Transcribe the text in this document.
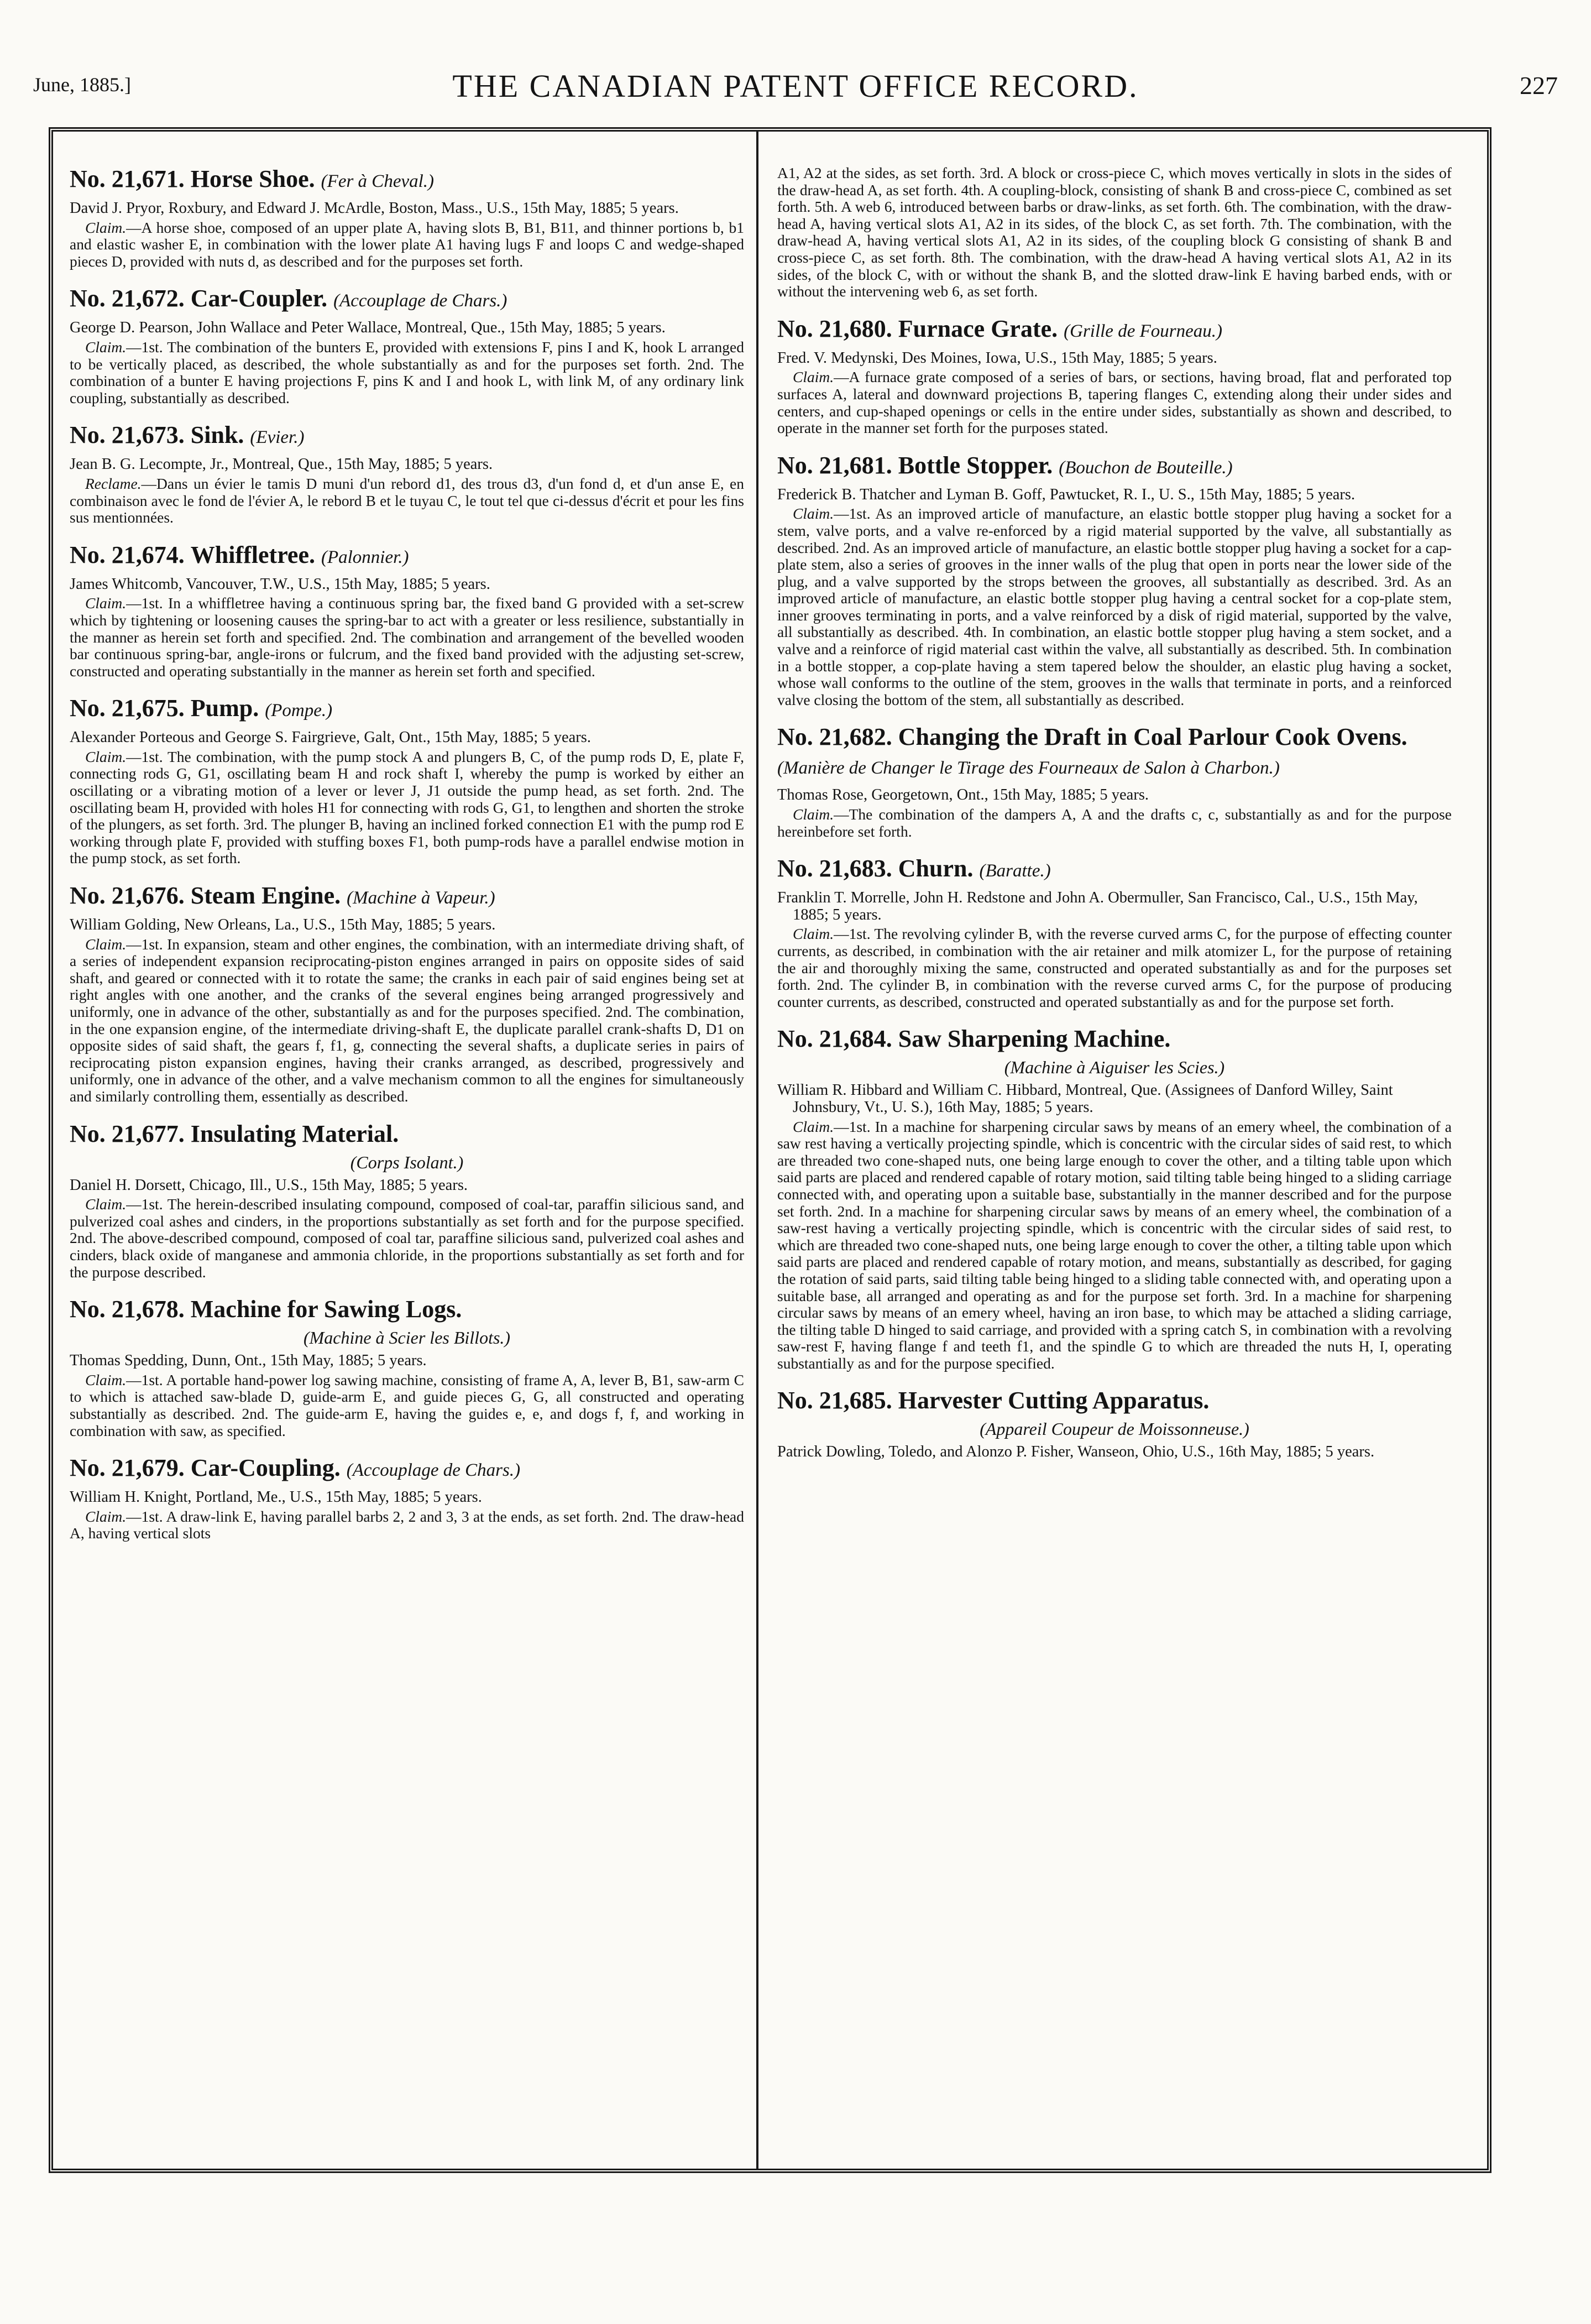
June, 1885.]	THE CANADIAN PATENT OFFICE RECORD.	227
No. 21,671. Horse Shoe. (Fer à Cheval.)
David J. Pryor, Roxbury, and Edward J. McArdle, Boston, Mass., U.S., 15th May, 1885; 5 years.
Claim.—A horse shoe, composed of an upper plate A, having slots B, B1, B11, and thinner portions b, b1 and elastic washer E, in combination with the lower plate A1 having lugs F and loops C and wedge-shaped pieces D, provided with nuts d, as described and for the purposes set forth.
No. 21,672. Car-Coupler. (Accouplage de Chars.)
George D. Pearson, John Wallace and Peter Wallace, Montreal, Que., 15th May, 1885; 5 years.
Claim.—1st. The combination of the bunters E, provided with extensions F, pins I and K, hook L arranged to be vertically placed, as described, the whole substantially as and for the purposes set forth. 2nd. The combination of a bunter E having projections F, pins K and I and hook L, with link M, of any ordinary link coupling, substantially as described.
No. 21,673. Sink. (Evier.)
Jean B. G. Lecompte, Jr., Montreal, Que., 15th May, 1885; 5 years.
Reclame.—Dans un évier le tamis D muni d'un rebord d1, des trous d3, d'un fond d, et d'un anse E, en combinaison avec le fond de l'évier A, le rebord B et le tuyau C, le tout tel que ci-dessus d'écrit et pour les fins sus mentionnées.
No. 21,674. Whiffletree. (Palonnier.)
James Whitcomb, Vancouver, T.W., U.S., 15th May, 1885; 5 years.
Claim.—1st. In a whiffletree having a continuous spring bar, the fixed band G provided with a set-screw which by tightening or loosening causes the spring-bar to act with a greater or less resilience, substantially in the manner as herein set forth and specified. 2nd. The combination and arrangement of the bevelled wooden bar continuous spring-bar, angle-irons or fulcrum, and the fixed band provided with the adjusting set-screw, constructed and operating substantially in the manner as herein set forth and specified.
No. 21,675. Pump. (Pompe.)
Alexander Porteous and George S. Fairgrieve, Galt, Ont., 15th May, 1885; 5 years.
Claim.—1st. The combination, with the pump stock A and plungers B, C, of the pump rods D, E, plate F, connecting rods G, G1, oscillating beam H and rock shaft I, whereby the pump is worked by either an oscillating or a vibrating motion of a lever or lever J, J1 outside the pump head, as set forth. 2nd. The oscillating beam H, provided with holes H1 for connecting with rods G, G1, to lengthen and shorten the stroke of the plungers, as set forth. 3rd. The plunger B, having an inclined forked connection E1 with the pump rod E working through plate F, provided with stuffing boxes F1, both pump-rods have a parallel endwise motion in the pump stock, as set forth.
No. 21,676. Steam Engine. (Machine à Vapeur.)
William Golding, New Orleans, La., U.S., 15th May, 1885; 5 years.
Claim.—1st. In expansion, steam and other engines, the combination, with an intermediate driving shaft, of a series of independent expansion reciprocating-piston engines arranged in pairs on opposite sides of said shaft, and geared or connected with it to rotate the same; the cranks in each pair of said engines being set at right angles with one another, and the cranks of the several engines being arranged progressively and uniformly, one in advance of the other, substantially as and for the purposes specified. 2nd. The combination, in the one expansion engine, of the intermediate driving-shaft E, the duplicate parallel crank-shafts D, D1 on opposite sides of said shaft, the gears f, f1, g, connecting the several shafts, a duplicate series in pairs of reciprocating piston expansion engines, having their cranks arranged, as described, progressively and uniformly, one in advance of the other, and a valve mechanism common to all the engines for simultaneously and similarly controlling them, essentially as described.
No. 21,677. Insulating Material.
(Corps Isolant.)
Daniel H. Dorsett, Chicago, Ill., U.S., 15th May, 1885; 5 years.
Claim.—1st. The herein-described insulating compound, composed of coal-tar, paraffin silicious sand, and pulverized coal ashes and cinders, in the proportions substantially as set forth and for the purpose specified. 2nd. The above-described compound, composed of coal tar, paraffine silicious sand, pulverized coal ashes and cinders, black oxide of manganese and ammonia chloride, in the proportions substantially as set forth and for the purpose described.
No. 21,678. Machine for Sawing Logs.
(Machine à Scier les Billots.)
Thomas Spedding, Dunn, Ont., 15th May, 1885; 5 years.
Claim.—1st. A portable hand-power log sawing machine, consisting of frame A, A, lever B, B1, saw-arm C to which is attached saw-blade D, guide-arm E, and guide pieces G, G, all constructed and operating substantially as described. 2nd. The guide-arm E, having the guides e, e, and dogs f, f, and working in combination with saw, as specified.
No. 21,679. Car-Coupling. (Accouplage de Chars.)
William H. Knight, Portland, Me., U.S., 15th May, 1885; 5 years.
Claim.—1st. A draw-link E, having parallel barbs 2, 2 and 3, 3 at the ends, as set forth. 2nd. The draw-head A, having vertical slots
A1, A2 at the sides, as set forth. 3rd. A block or cross-piece C, which moves vertically in slots in the sides of the draw-head A, as set forth. 4th. A coupling-block, consisting of shank B and cross-piece C, combined as set forth. 5th. A web 6, introduced between barbs or draw-links, as set forth. 6th. The combination, with the draw-head A, having vertical slots A1, A2 in its sides, of the block C, as set forth. 7th. The combination, with the draw-head A, having vertical slots A1, A2 in its sides, of the coupling block G consisting of shank B and cross-piece C, as set forth. 8th. The combination, with the draw-head A having vertical slots A1, A2 in its sides, of the block C, with or without the shank B, and the slotted draw-link E having barbed ends, with or without the intervening web 6, as set forth.
No. 21,680. Furnace Grate. (Grille de Fourneau.)
Fred. V. Medynski, Des Moines, Iowa, U.S., 15th May, 1885; 5 years.
Claim.—A furnace grate composed of a series of bars, or sections, having broad, flat and perforated top surfaces A, lateral and downward projections B, tapering flanges C, extending along their under sides and centers, and cup-shaped openings or cells in the entire under sides, substantially as shown and described, to operate in the manner set forth for the purposes stated.
No. 21,681. Bottle Stopper. (Bouchon de Bouteille.)
Frederick B. Thatcher and Lyman B. Goff, Pawtucket, R. I., U. S., 15th May, 1885; 5 years.
Claim.—1st. As an improved article of manufacture, an elastic bottle stopper plug having a socket for a stem, valve ports, and a valve re-enforced by a rigid material supported by the valve, all substantially as described. 2nd. As an improved article of manufacture, an elastic bottle stopper plug having a socket for a cap-plate stem, also a series of grooves in the inner walls of the plug that open in ports near the lower side of the plug, and a valve supported by the strops between the grooves, all substantially as described. 3rd. As an improved article of manufacture, an elastic bottle stopper plug having a central socket for a cop-plate stem, inner grooves terminating in ports, and a valve reinforced by a disk of rigid material, supported by the valve, all substantially as described. 4th. In combination, an elastic bottle stopper plug having a stem socket, and a valve and a reinforce of rigid material cast within the valve, all substantially as described. 5th. In combination in a bottle stopper, a cop-plate having a stem tapered below the shoulder, an elastic plug having a socket, whose wall conforms to the outline of the stem, grooves in the walls that terminate in ports, and a reinforced valve closing the bottom of the stem, all substantially as described.
No. 21,682. Changing the Draft in Coal Parlour Cook Ovens. (Manière de Changer le Tirage des Fourneaux de Salon à Charbon.)
Thomas Rose, Georgetown, Ont., 15th May, 1885; 5 years.
Claim.—The combination of the dampers A, A and the drafts c, c, substantially as and for the purpose hereinbefore set forth.
No. 21,683. Churn. (Baratte.)
Franklin T. Morrelle, John H. Redstone and John A. Obermuller, San Francisco, Cal., U.S., 15th May, 1885; 5 years.
Claim.—1st. The revolving cylinder B, with the reverse curved arms C, for the purpose of effecting counter currents, as described, in combination with the air retainer and milk atomizer L, for the purpose of retaining the air and thoroughly mixing the same, constructed and operated substantially as and for the purposes set forth. 2nd. The cylinder B, in combination with the reverse curved arms C, for the purpose of producing counter currents, as described, constructed and operated substantially as and for the purpose set forth.
No. 21,684. Saw Sharpening Machine.
(Machine à Aiguiser les Scies.)
William R. Hibbard and William C. Hibbard, Montreal, Que. (Assignees of Danford Willey, Saint Johnsbury, Vt., U. S.), 16th May, 1885; 5 years.
Claim.—1st. In a machine for sharpening circular saws by means of an emery wheel, the combination of a saw rest having a vertically projecting spindle, which is concentric with the circular sides of said rest, to which are threaded two cone-shaped nuts, one being large enough to cover the other, and a tilting table upon which said parts are placed and rendered capable of rotary motion, said tilting table being hinged to a sliding carriage connected with, and operating upon a suitable base, substantially in the manner described and for the purpose set forth. 2nd. In a machine for sharpening circular saws by means of an emery wheel, the combination of a saw-rest having a vertically projecting spindle, which is concentric with the circular sides of said rest, to which are threaded two cone-shaped nuts, one being large enough to cover the other, a tilting table upon which said parts are placed and rendered capable of rotary motion, and means, substantially as described, for gaging the rotation of said parts, said tilting table being hinged to a sliding table connected with, and operating upon a suitable base, all arranged and operating as and for the purpose set forth. 3rd. In a machine for sharpening circular saws by means of an emery wheel, having an iron base, to which may be attached a sliding carriage, the tilting table D hinged to said carriage, and provided with a spring catch S, in combination with a revolving saw-rest F, having flange f and teeth f1, and the spindle G to which are threaded the nuts H, I, operating substantially as and for the purpose specified.
No. 21,685. Harvester Cutting Apparatus.
(Appareil Coupeur de Moissonneuse.)
Patrick Dowling, Toledo, and Alonzo P. Fisher, Wanseon, Ohio, U.S., 16th May, 1885; 5 years.
